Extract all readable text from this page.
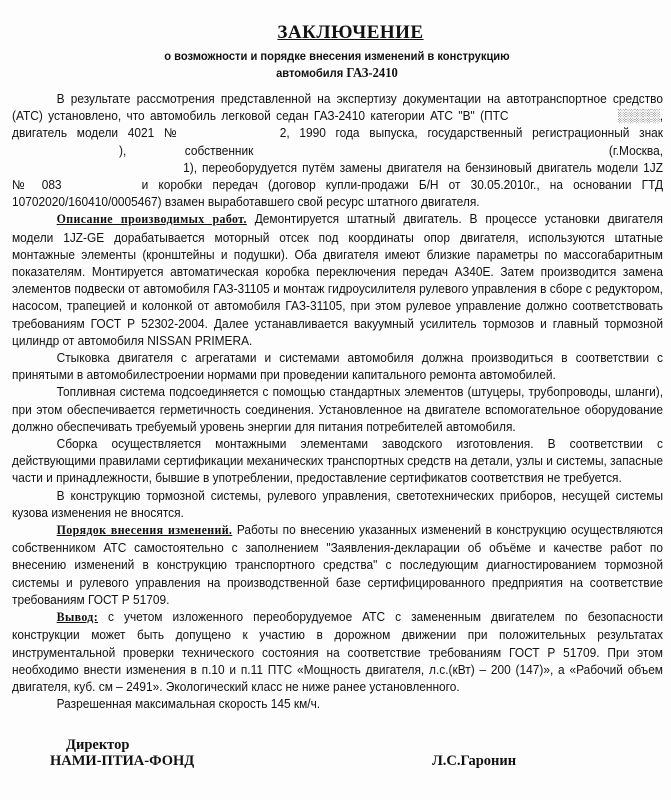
ЗАКЛЮЧЕНИЕ
о возможности и порядке внесения изменений в конструкцию
автомобиля ГАЗ-2410

В результате рассмотрения представленной на экспертизу документации на автотранспортное средство (АТС) установлено, что автомобиль легковой седан ГАЗ-2410 категории АТС "В" (ПТС	░░░░░, двигатель модели 4021 №	2, 1990 года выпуска, государственный регистрационный знак ), собственник	(г.Москва, 1), переоборудуется путём замены двигателя на бензиновый двигатель модели 1JZ № 083	и коробки передач (договор купли-продажи Б/Н от 30.05.2010г., на основании ГТД 10702020/160410/0005467) взамен выработавшего свой ресурс штатного двигателя.

Описание производимых работ. Демонтируется штатный двигатель. В процессе установки двигателя модели 1JZ-GE дорабатывается моторный отсек под координаты опор двигателя, используются штатные монтажные элементы (кронштейны и подушки). Оба двигателя имеют близкие параметры по массогабаритным показателям. Монтируется автоматическая коробка переключения передач А340Е. Затем производится замена элементов подвески от автомобиля ГАЗ-31105 и монтаж гидроусилителя рулевого управления в сборе с редуктором, насосом, трапецией и колонкой от автомобиля ГАЗ-31105, при этом рулевое управление должно соответствовать требованиям ГОСТ Р 52302-2004. Далее устанавливается вакуумный усилитель тормозов и главный тормозной цилиндр от автомобиля NISSAN PRIMERA.

Стыковка двигателя с агрегатами и системами автомобиля должна производиться в соответствии с принятыми в автомобилестроении нормами при проведении капитального ремонта автомобилей.

Топливная система подсоединяется с помощью стандартных элементов (штуцеры, трубопроводы, шланги), при этом обеспечивается герметичность соединения. Установленное на двигателе вспомогательное оборудование должно обеспечивать требуемый уровень энергии для питания потребителей автомобиля.

Сборка осуществляется монтажными элементами заводского изготовления. В соответствии с действующими правилами сертификации механических транспортных средств на детали, узлы и системы, запасные части и принадлежности, бывшие в употреблении, предоставление сертификатов соответствия не требуется.

В конструкцию тормозной системы, рулевого управления, светотехнических приборов, несущей системы кузова изменения не вносятся.

Порядок внесения изменений. Работы по внесению указанных изменений в конструкцию осуществляются собственником АТС самостоятельно с заполнением "Заявления-декларации об объёме и качестве работ по внесению изменений в конструкцию транспортного средства" с последующим диагностированием тормозной системы и рулевого управления на производственной базе сертифицированного предприятия на соответствие требованиям ГОСТ Р 51709.

Вывод: с учетом изложенного переоборудуемое АТС с замененным двигателем по безопасности конструкции может быть допущено к участию в дорожном движении при положительных результатах инструментальной проверки технического состояния на соответствие требованиям ГОСТ Р 51709. При этом необходимо внести изменения в п.10 и п.11 ПТС «Мощность двигателя, л.с.(кВт) – 200 (147)», а «Рабочий объем двигателя, куб. см – 2491». Экологический класс не ниже ранее установленного.

Разрешенная максимальная скорость 145 км/ч.

Директор
НАМИ-ПТИА-ФОНД	Л.С.Гаронин
